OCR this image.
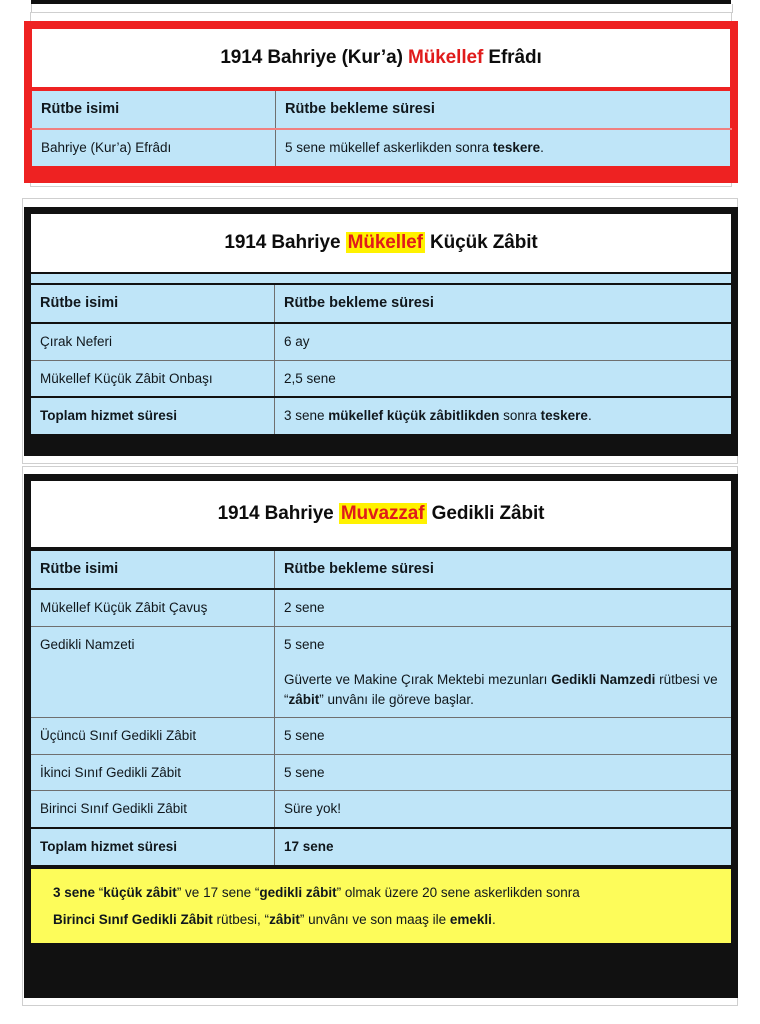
1914 Bahriye (Kur’a) Mükellef Efrâdı
Rütbe isimi	Rütbe bekleme süresi
Bahriye (Kur’a) Efrâdı	5 sene mükellef askerlikden sonra teskere.
1914 Bahriye Mükellef Küçük Zâbit
Rütbe isimi	Rütbe bekleme süresi
Çırak Neferi	6 ay
Mükellef Küçük Zâbit Onbaşı	2,5 sene
Toplam hizmet süresi	3 sene mükellef küçük zâbitlikden sonra teskere.
1914 Bahriye Muvazzaf Gedikli Zâbit
Rütbe isimi	Rütbe bekleme süresi
Mükellef Küçük Zâbit Çavuş	2 sene
Gedikli Namzeti	5 sene
Güverte ve Makine Çırak Mektebi mezunları Gedikli Namzedi rütbesi ve “zâbit” unvânı ile göreve başlar.

Üçüncü Sınıf Gedikli Zâbit	5 sene
İkinci Sınıf Gedikli Zâbit	5 sene
Birinci Sınıf Gedikli Zâbit	Süre yok!
Toplam hizmet süresi	17 sene
3 sene “küçük zâbit” ve 17 sene “gedikli zâbit” olmak üzere 20 sene askerlikden sonra
Birinci Sınıf Gedikli Zâbit rütbesi, “zâbit” unvânı ve son maaş ile emekli.
